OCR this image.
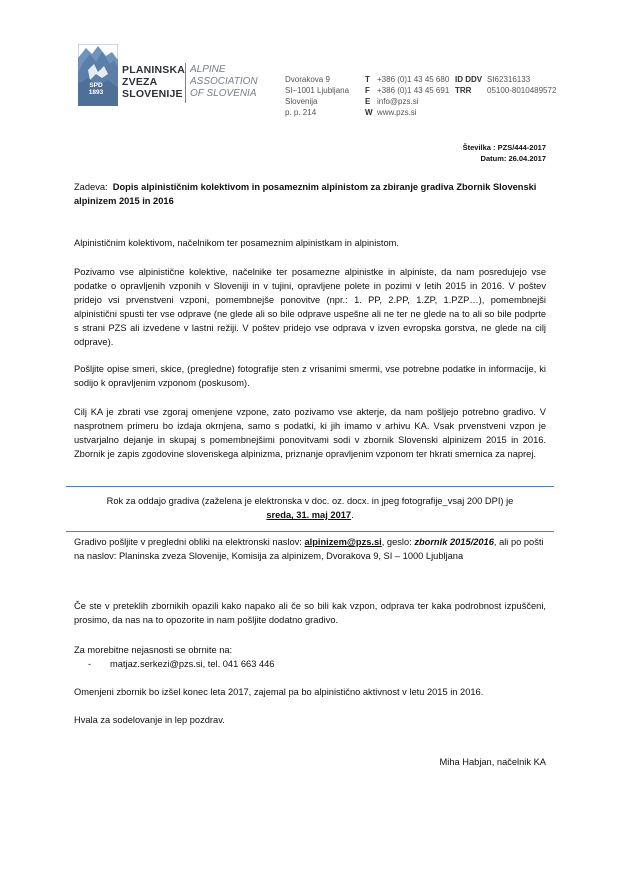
SPD
1893
PLANINSKA
ZVEZA
SLOVENIJE
ALPINE
ASSOCIATION
OF SLOVENIA
Dvorakova 9
SI–1001 Ljubljana
Slovenija
p. p. 214
T +386 (0)1 43 45 680
F +386 (0)1 43 45 691
E info@pzs.si
W www.pzs.si
ID DDV SI62316133
TRR 05100-8010489572
Številka : PZS/444-2017
Datum: 26.04.2017
Zadeva: Dopis alpinističnim kolektivom in posameznim alpinistom za zbiranje gradiva Zbornik Slovenski alpinizem 2015 in 2016
Alpinističnim kolektivom, načelnikom ter posameznim alpinistkam in alpinistom.
Pozivamo vse alpinistične kolektive, načelnike ter posamezne alpinistke in alpiniste, da nam posredujejo vse podatke o opravljenih vzponih v Sloveniji in v tujini, opravljene polete in pozimi v letih 2015 in 2016. V poštev pridejo vsi prvenstveni vzponi, pomembnejše ponovitve (npr.: 1. PP, 2.PP, 1.ZP, 1.PZP…), pomembnejši alpinistični spusti ter vse odprave (ne glede ali so bile odprave uspešne ali ne ter ne glede na to ali so bile podprte s strani PZS ali izvedene v lastni režiji. V poštev pridejo vse odprava v izven evropska gorstva, ne glede na cilj odprave).
Pošljite opise smeri, skice, (pregledne) fotografije sten z vrisanimi smermi, vse potrebne podatke in informacije, ki sodijo k opravljenim vzponom (poskusom).
Cilj KA je zbrati vse zgoraj omenjene vzpone, zato pozivamo vse akterje, da nam pošljejo potrebno gradivo. V nasprotnem primeru bo izdaja okrnjena, samo s podatki, ki jih imamo v arhivu KA. Vsak prvenstveni vzpon je ustvarjalno dejanje in skupaj s pomembnejšimi ponovitvami sodi v zbornik Slovenski alpinizem 2015 in 2016. Zbornik je zapis zgodovine slovenskega alpinizma, priznanje opravljenim vzponom ter hkrati smernica za naprej.
Rok za oddajo gradiva (zaželena je elektronska v doc. oz. docx. in jpeg fotografije_vsaj 200 DPI) je
sreda, 31. maj 2017.
Gradivo pošljite v pregledni obliki na elektronski naslov: alpinizem@pzs.si, geslo: zbornik 2015/2016, ali po pošti na naslov: Planinska zveza Slovenije, Komisija za alpinizem, Dvorakova 9, SI – 1000 Ljubljana
Če ste v preteklih zbornikih opazili kako napako ali če so bili kak vzpon, odprava ter kaka podrobnost izpuščeni, prosimo, da nas na to opozorite in nam pošljite dodatno gradivo.
Za morebitne nejasnosti se obrnite na:
- matjaz.serkezi@pzs.si, tel. 041 663 446
Omenjeni zbornik bo izšel konec leta 2017, zajemal pa bo alpinistično aktivnost v letu 2015 in 2016.
Hvala za sodelovanje in lep pozdrav.
Miha Habjan, načelnik KA
